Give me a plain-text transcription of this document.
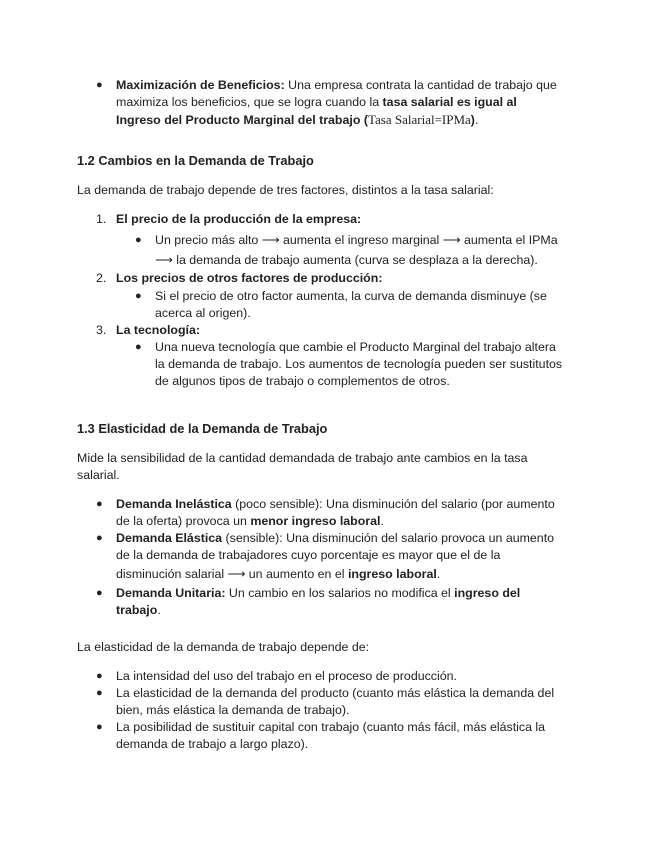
● Maximización de Beneficios: Una empresa contrata la cantidad de trabajo que
maximiza los beneficios, que se logra cuando la tasa salarial es igual al
Ingreso del Producto Marginal del trabajo (Tasa Salarial=IPMa).
1.2 Cambios en la Demanda de Trabajo
La demanda de trabajo depende de tres factores, distintos a la tasa salarial:
1. El precio de la producción de la empresa:
● Un precio más alto ⟶ aumenta el ingreso marginal ⟶ aumenta el IPMa
⟶ la demanda de trabajo aumenta (curva se desplaza a la derecha).
2. Los precios de otros factores de producción:
● Si el precio de otro factor aumenta, la curva de demanda disminuye (se
acerca al origen).
3. La tecnología:
● Una nueva tecnología que cambie el Producto Marginal del trabajo altera
la demanda de trabajo. Los aumentos de tecnología pueden ser sustitutos
de algunos tipos de trabajo o complementos de otros.
1.3 Elasticidad de la Demanda de Trabajo
Mide la sensibilidad de la cantidad demandada de trabajo ante cambios en la tasa
salarial.
● Demanda Inelástica (poco sensible): Una disminución del salario (por aumento
de la oferta) provoca un menor ingreso laboral.
● Demanda Elástica (sensible): Una disminución del salario provoca un aumento
de la demanda de trabajadores cuyo porcentaje es mayor que el de la
disminución salarial ⟶ un aumento en el ingreso laboral.
● Demanda Unitaria: Un cambio en los salarios no modifica el ingreso del
trabajo.
La elasticidad de la demanda de trabajo depende de:
● La intensidad del uso del trabajo en el proceso de producción.
● La elasticidad de la demanda del producto (cuanto más elástica la demanda del
bien, más elástica la demanda de trabajo).
● La posibilidad de sustituir capital con trabajo (cuanto más fácil, más elástica la
demanda de trabajo a largo plazo).
